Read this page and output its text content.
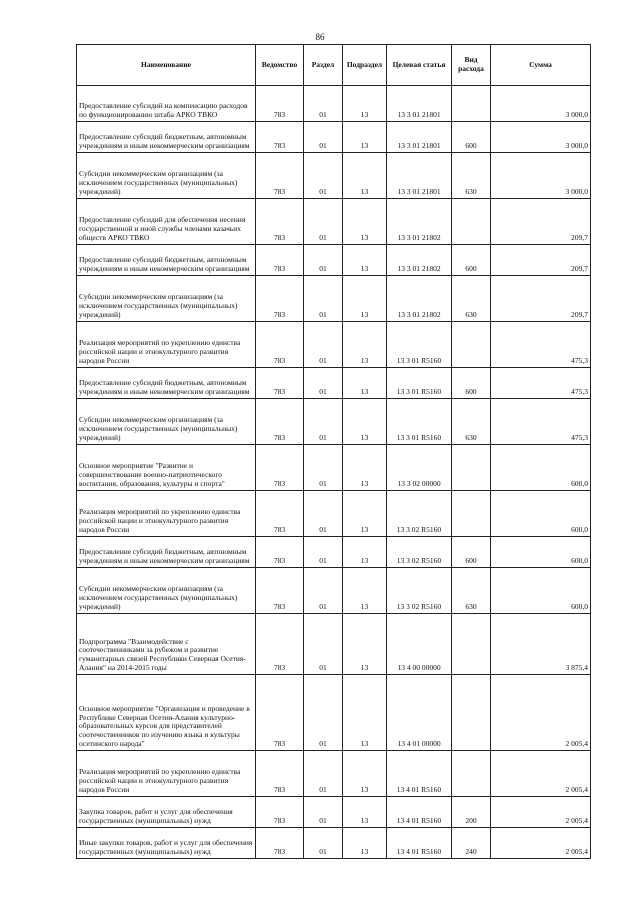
86
Наименование	Ведомство	Раздел	Подраздел	Целевая статья	Вид расхода	Сумма
Предоставление субсидий на компенсацию расходов по функционированию штаба АРКО ТВКО	783	01	13	13 3 01 21801		3 000,0
Предоставление субсидий бюджетным, автономным учреждениям и иным некоммерческим организациям	783	01	13	13 3 01 21801	600	3 000,0
Субсидии некоммерческим организациям (за исключением государственных (муниципальных) учреждений)	783	01	13	13 3 01 21801	630	3 000,0
Предоставление субсидий для обеспечения несения государственной и иной службы членами казачьих обществ АРКО ТВКО	783	01	13	13 3 01 21802		209,7
Предоставление субсидий бюджетным, автономным учреждениям и иным некоммерческим организациям	783	01	13	13 3 01 21802	600	209,7
Субсидии некоммерческим организациям (за исключением государственных (муниципальных) учреждений)	783	01	13	13 3 01 21802	630	209,7
Реализация мероприятий по укреплению единства российской нации и этнокультурного развития народов России	783	01	13	13 3 01 R5160		475,3
Предоставление субсидий бюджетным, автономным учреждениям и иным некоммерческим организациям	783	01	13	13 3 01 R5160	600	475,3
Субсидии некоммерческим организациям (за исключением государственных (муниципальных) учреждений)	783	01	13	13 3 01 R5160	630	475,3
Основное мероприятие "Развитие и совершенствование военно-патриотического воспитания, образования, культуры и спорта"	783	01	13	13 3 02 00000		600,0
Реализация мероприятий по укреплению единства российской нации и этнокультурного развития народов России	783	01	13	13 3 02 R5160		600,0
Предоставление субсидий бюджетным, автономным учреждениям и иным некоммерческим организациям	783	01	13	13 3 02 R5160	600	600,0
Субсидии некоммерческим организациям (за исключением государственных (муниципальных) учреждений)	783	01	13	13 3 02 R5160	630	600,0
Подпрограмма "Взаимодействие с соотечественниками за рубежом и развитие гуманитарных связей Республики Северная Осетия-Алания" на 2014-2015 годы	783	01	13	13 4 00 00000		3 875,4
Основное мероприятие "Организация и проведение в Республике Северная Осетия-Алания культурно-образовательных курсов для представителей соотечественников по изучению языка и культуры осетинского народа"	783	01	13	13 4 01 00000		2 005,4
Реализация мероприятий по укреплению единства российской нации и этнокультурного развития народов России	783	01	13	13 4 01 R5160		2 005,4
Закупка товаров, работ и услуг для обеспечения государственных (муниципальных) нужд	783	01	13	13 4 01 R5160	200	2 005,4
Иные закупки товаров, работ и услуг для обеспечения государственных (муниципальных) нужд	783	01	13	13 4 01 R5160	240	2 005,4
